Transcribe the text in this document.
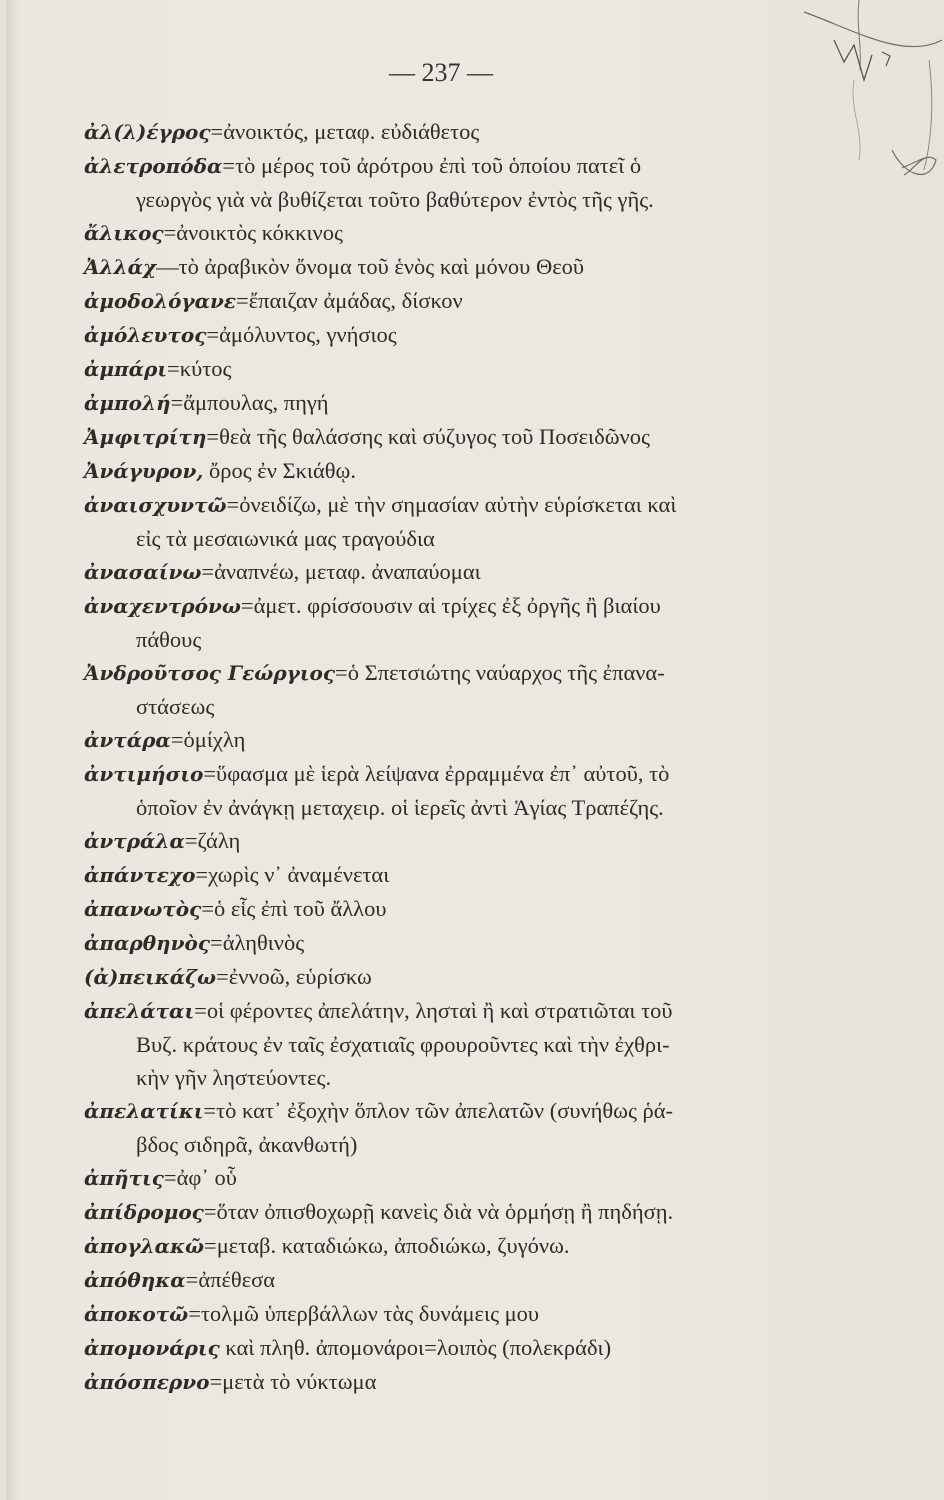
— 237 —
ἀλ(λ)έγρος=ἀνοικτός, μεταφ. εὐδιάθετος
ἀλετροπόδα=τὸ μέρος τοῦ ἀρότρου ἐπὶ τοῦ ὁποίου πατεῖ ὁ
γεωργὸς γιὰ νὰ βυθίζεται τοῦτο βαθύτερον ἐντὸς τῆς γῆς.
ἄλικος=ἀνοικτὸς κόκκινος
Ἀλλάχ—τὸ ἀραβικὸν ὄνομα τοῦ ἑνὸς καὶ μόνου Θεοῦ
ἀμοδολόγανε=ἔπαιζαν ἀμάδας, δίσκον
ἀμόλευτος=ἀμόλυντος, γνήσιος
ἀμπάρι=κύτος
ἀμπολή=ἄμπουλας, πηγή
Ἀμφιτρίτη=θεὰ τῆς θαλάσσης καὶ σύζυγος τοῦ Ποσειδῶνος
Ἀνάγυρον, ὄρος ἐν Σκιάθῳ.
ἀναισχυντῶ=ὀνειδίζω, μὲ τὴν σημασίαν αὐτὴν εὑρίσκεται καὶ
εἰς τὰ μεσαιωνικά μας τραγούδια
ἀνασαίνω=ἀναπνέω, μεταφ. ἀναπαύομαι
ἀναχεντρόνω=ἀμετ. φρίσσουσιν αἱ τρίχες ἐξ ὀργῆς ἢ βιαίου
πάθους
Ἀνδροῦτσος Γεώργιος=ὁ Σπετσιώτης ναύαρχος τῆς ἐπανα-
στάσεως
ἀντάρα=ὁμίχλη
ἀντιμήσιο=ὕφασμα μὲ ἱερὰ λείψανα ἐρραμμένα ἐπ᾽ αὐτοῦ, τὸ
ὁποῖον ἐν ἀνάγκῃ μεταχειρ. οἱ ἱερεῖς ἀντὶ Ἁγίας Τραπέζης.
ἀντράλα=ζάλη
ἀπάντεχο=χωρὶς ν᾽ ἀναμένεται
ἀπανωτὸς=ὁ εἷς ἐπὶ τοῦ ἄλλου
ἀπαρθηνὸς=ἀληθινὸς
(ἀ)πεικάζω=ἐννοῶ, εὑρίσκω
ἀπελάται=οἱ φέροντες ἀπελάτην, λησταὶ ἢ καὶ στρατιῶται τοῦ
Βυζ. κράτους ἐν ταῖς ἐσχατιαῖς φρουροῦντες καὶ τὴν ἐχθρι-
κὴν γῆν ληστεύοντες.
ἀπελατίκι=τὸ κατ᾽ ἐξοχὴν ὅπλον τῶν ἀπελατῶν (συνήθως ῥά-
βδος σιδηρᾶ, ἀκανθωτή)
ἀπῆτις=ἀφ᾽ οὗ
ἀπίδρομος=ὅταν ὀπισθοχωρῇ κανεὶς διὰ νὰ ὁρμήσῃ ἢ πηδήσῃ.
ἀπογλακῶ=μεταβ. καταδιώκω, ἀποδιώκω, ζυγόνω.
ἀπόθηκα=ἀπέθεσα
ἀποκοτῶ=τολμῶ ὑπερβάλλων τὰς δυνάμεις μου
ἀπομονάρις καὶ πληθ. ἀπομονάροι=λοιπὸς (πολεκράδι)
ἀπόσπερνο=μετὰ τὸ νύκτωμα
